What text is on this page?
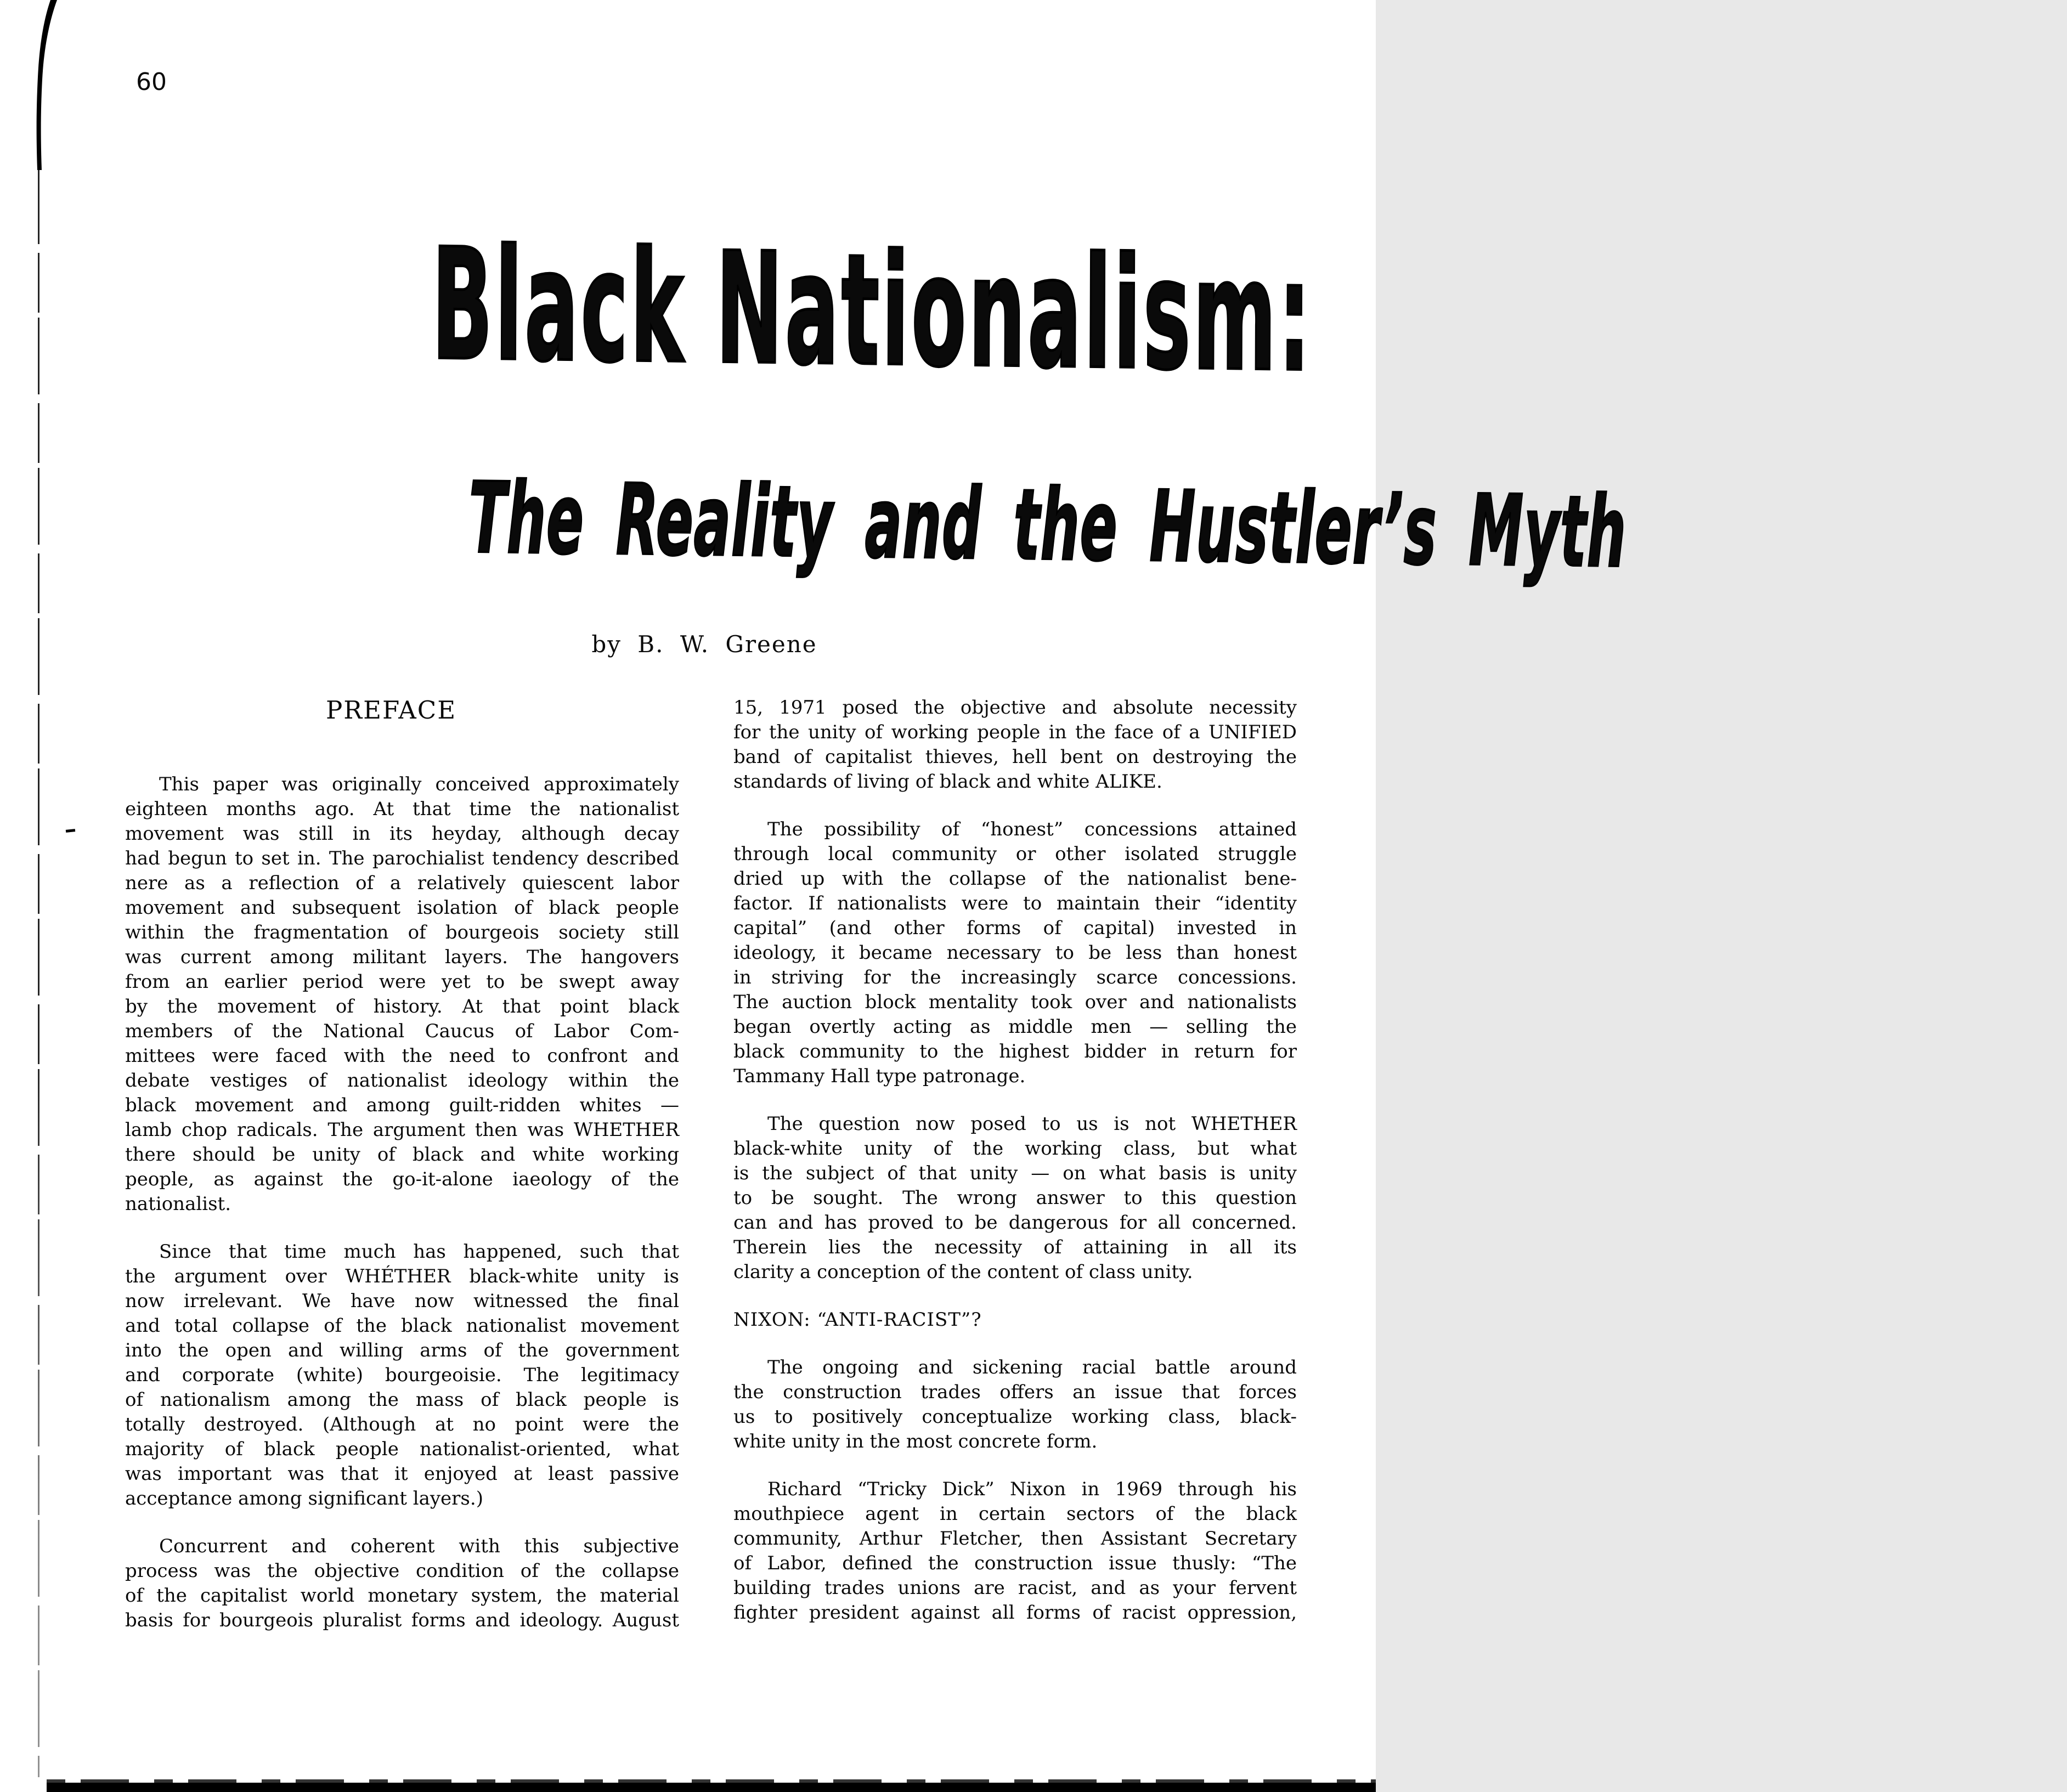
60
Black Nationalism:
The Reality and the Hustler’s Myth
by B. W. Greene
PREFACE
This paper was originally conceived approximately
eighteen months ago. At that time the nationalist
movement was still in its heyday, although decay
had begun to set in. The parochialist tendency described
nere as a reflection of a relatively quiescent labor
movement and subsequent isolation of black people
within the fragmentation of bourgeois society still
was current among militant layers. The hangovers
from an earlier period were yet to be swept away
by the movement of history. At that point black
members of the National Caucus of Labor Com-
mittees were faced with the need to confront and
debate vestiges of nationalist ideology within the
black movement and among guilt-ridden whites —
lamb chop radicals. The argument then was WHETHER
there should be unity of black and white working
people, as against the go-it-alone iaeology of the
nationalist.
Since that time much has happened, such that
the argument over WHÉTHER black-white unity is
now irrelevant. We have now witnessed the final
and total collapse of the black nationalist movement
into the open and willing arms of the government
and corporate (white) bourgeoisie. The legitimacy
of nationalism among the mass of black people is
totally destroyed. (Although at no point were the
majority of black people nationalist-oriented, what
was important was that it enjoyed at least passive
acceptance among significant layers.)
Concurrent and coherent with this subjective
process was the objective condition of the collapse
of the capitalist world monetary system, the material
basis for bourgeois pluralist forms and ideology. August
15, 1971 posed the objective and absolute necessity
for the unity of working people in the face of a UNIFIED
band of capitalist thieves, hell bent on destroying the
standards of living of black and white ALIKE.
The possibility of “honest” concessions attained
through local community or other isolated struggle
dried up with the collapse of the nationalist bene-
factor. If nationalists were to maintain their “identity
capital” (and other forms of capital) invested in
ideology, it became necessary to be less than honest
in striving for the increasingly scarce concessions.
The auction block mentality took over and nationalists
began overtly acting as middle men — selling the
black community to the highest bidder in return for
Tammany Hall type patronage.
The question now posed to us is not WHETHER
black-white unity of the working class, but what
is the subject of that unity — on what basis is unity
to be sought. The wrong answer to this question
can and has proved to be dangerous for all concerned.
Therein lies the necessity of attaining in all its
clarity a conception of the content of class unity.
NIXON: “ANTI-RACIST”?
The ongoing and sickening racial battle around
the construction trades offers an issue that forces
us to positively conceptualize working class, black-
white unity in the most concrete form.
Richard “Tricky Dick” Nixon in 1969 through his
mouthpiece agent in certain sectors of the black
community, Arthur Fletcher, then Assistant Secretary
of Labor, defined the construction issue thusly: “The
building trades unions are racist, and as your fervent
fighter president against all forms of racist oppression,
